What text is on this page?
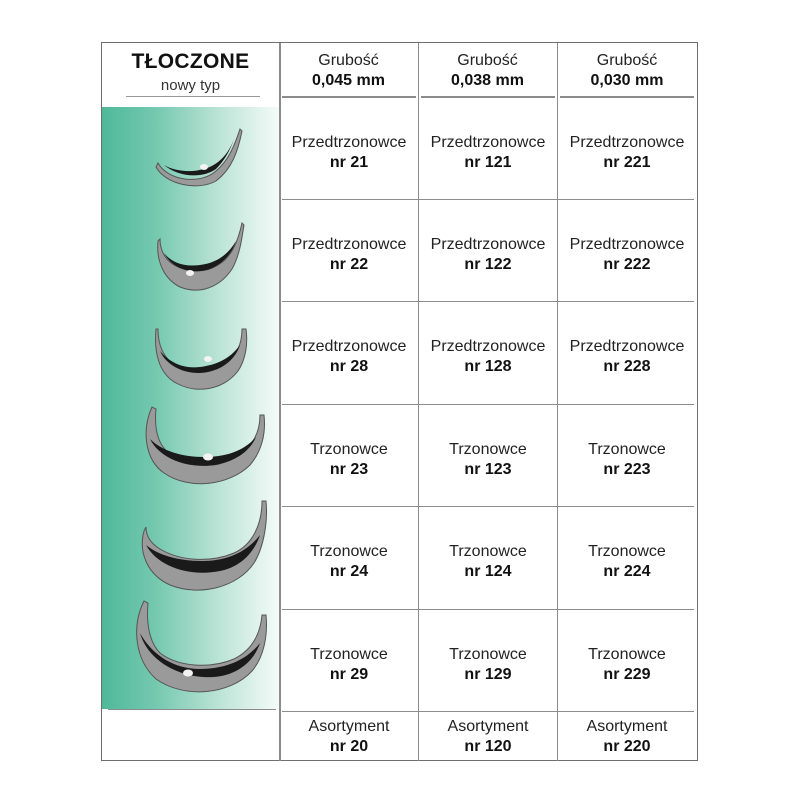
TŁOCZONE
nowy typ
Grubość
0,045 mm
Grubość
0,038 mm
Grubość
0,030 mm
Przedtrzonowce
nr 21
Przedtrzonowce
nr 121
Przedtrzonowce
nr 221
Przedtrzonowce
nr 22
Przedtrzonowce
nr 122
Przedtrzonowce
nr 222
Przedtrzonowce
nr 28
Przedtrzonowce
nr 128
Przedtrzonowce
nr 228
Trzonowce
nr 23
Trzonowce
nr 123
Trzonowce
nr 223
Trzonowce
nr 24
Trzonowce
nr 124
Trzonowce
nr 224
Trzonowce
nr 29
Trzonowce
nr 129
Trzonowce
nr 229
Asortyment
nr 20
Asortyment
nr 120
Asortyment
nr 220
